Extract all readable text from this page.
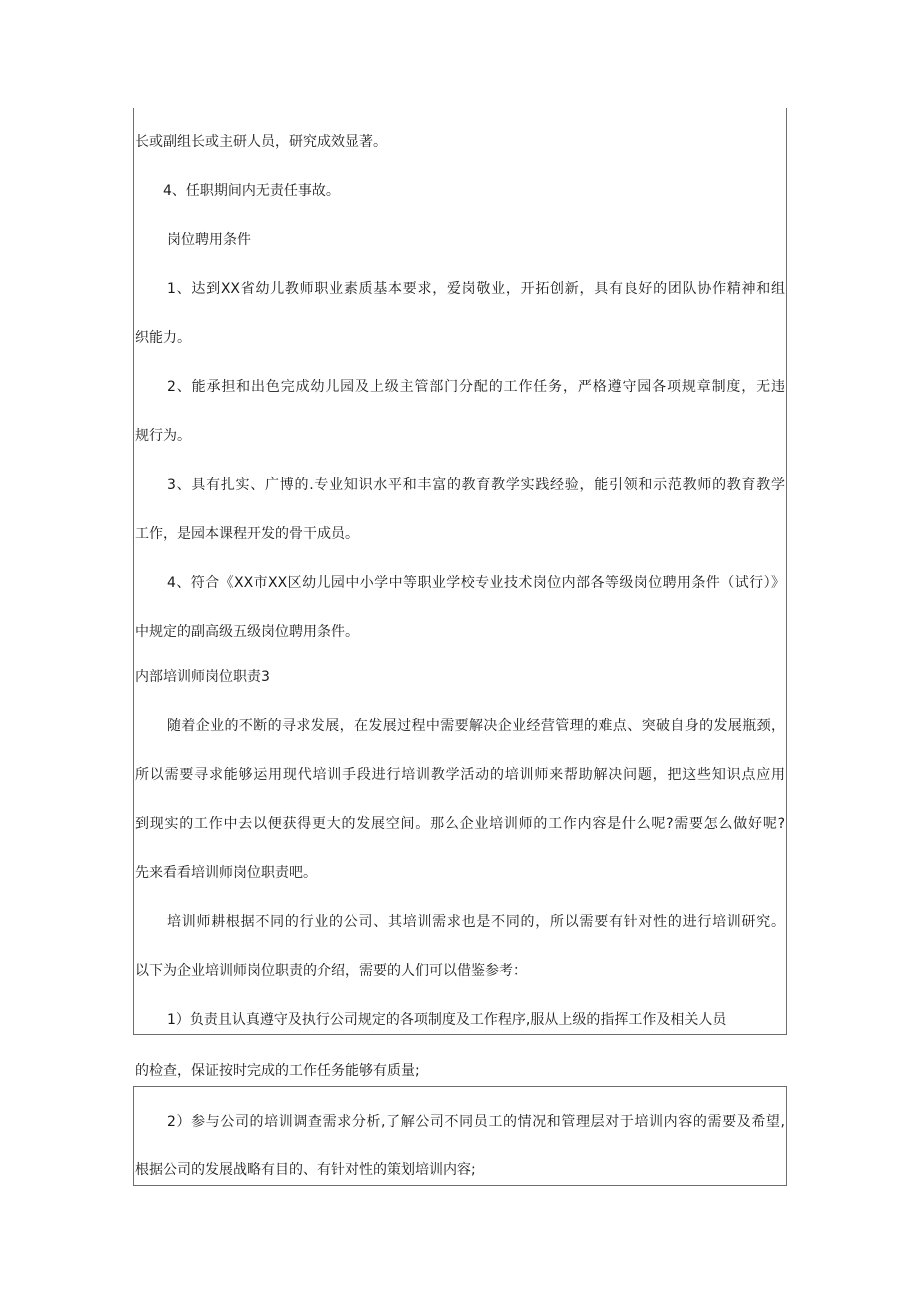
长或副组长或主研人员，研究成效显著。
4、任职期间内无责任事故。
岗位聘用条件
1、达到XX省幼儿教师职业素质基本要求，爱岗敬业，开拓创新，具有良好的团队协作精神和组
织能力。
2、能承担和出色完成幼儿园及上级主管部门分配的工作任务，严格遵守园各项规章制度，无违
规行为。
3、具有扎实、广博的.专业知识水平和丰富的教育教学实践经验，能引领和示范教师的教育教学
工作，是园本课程开发的骨干成员。
4、符合《XX市XX区幼儿园中小学中等职业学校专业技术岗位内部各等级岗位聘用条件（试行）》
中规定的副高级五级岗位聘用条件。
内部培训师岗位职责3
随着企业的不断的寻求发展，在发展过程中需要解决企业经营管理的难点、突破自身的发展瓶颈，
所以需要寻求能够运用现代培训手段进行培训教学活动的培训师来帮助解决问题，把这些知识点应用
到现实的工作中去以便获得更大的发展空间。那么企业培训师的工作内容是什么呢?需要怎么做好呢?
先来看看培训师岗位职责吧。
培训师耕根据不同的行业的公司、其培训需求也是不同的，所以需要有针对性的进行培训研究。
以下为企业培训师岗位职责的介绍，需要的人们可以借鉴参考：
1）负责且认真遵守及执行公司规定的各项制度及工作程序,服从上级的指挥工作及相关人员
的检查，保证按时完成的工作任务能够有质量;
2）参与公司的培训调查需求分析,了解公司不同员工的情况和管理层对于培训内容的需要及希望,
根据公司的发展战略有目的、有针对性的策划培训内容;
